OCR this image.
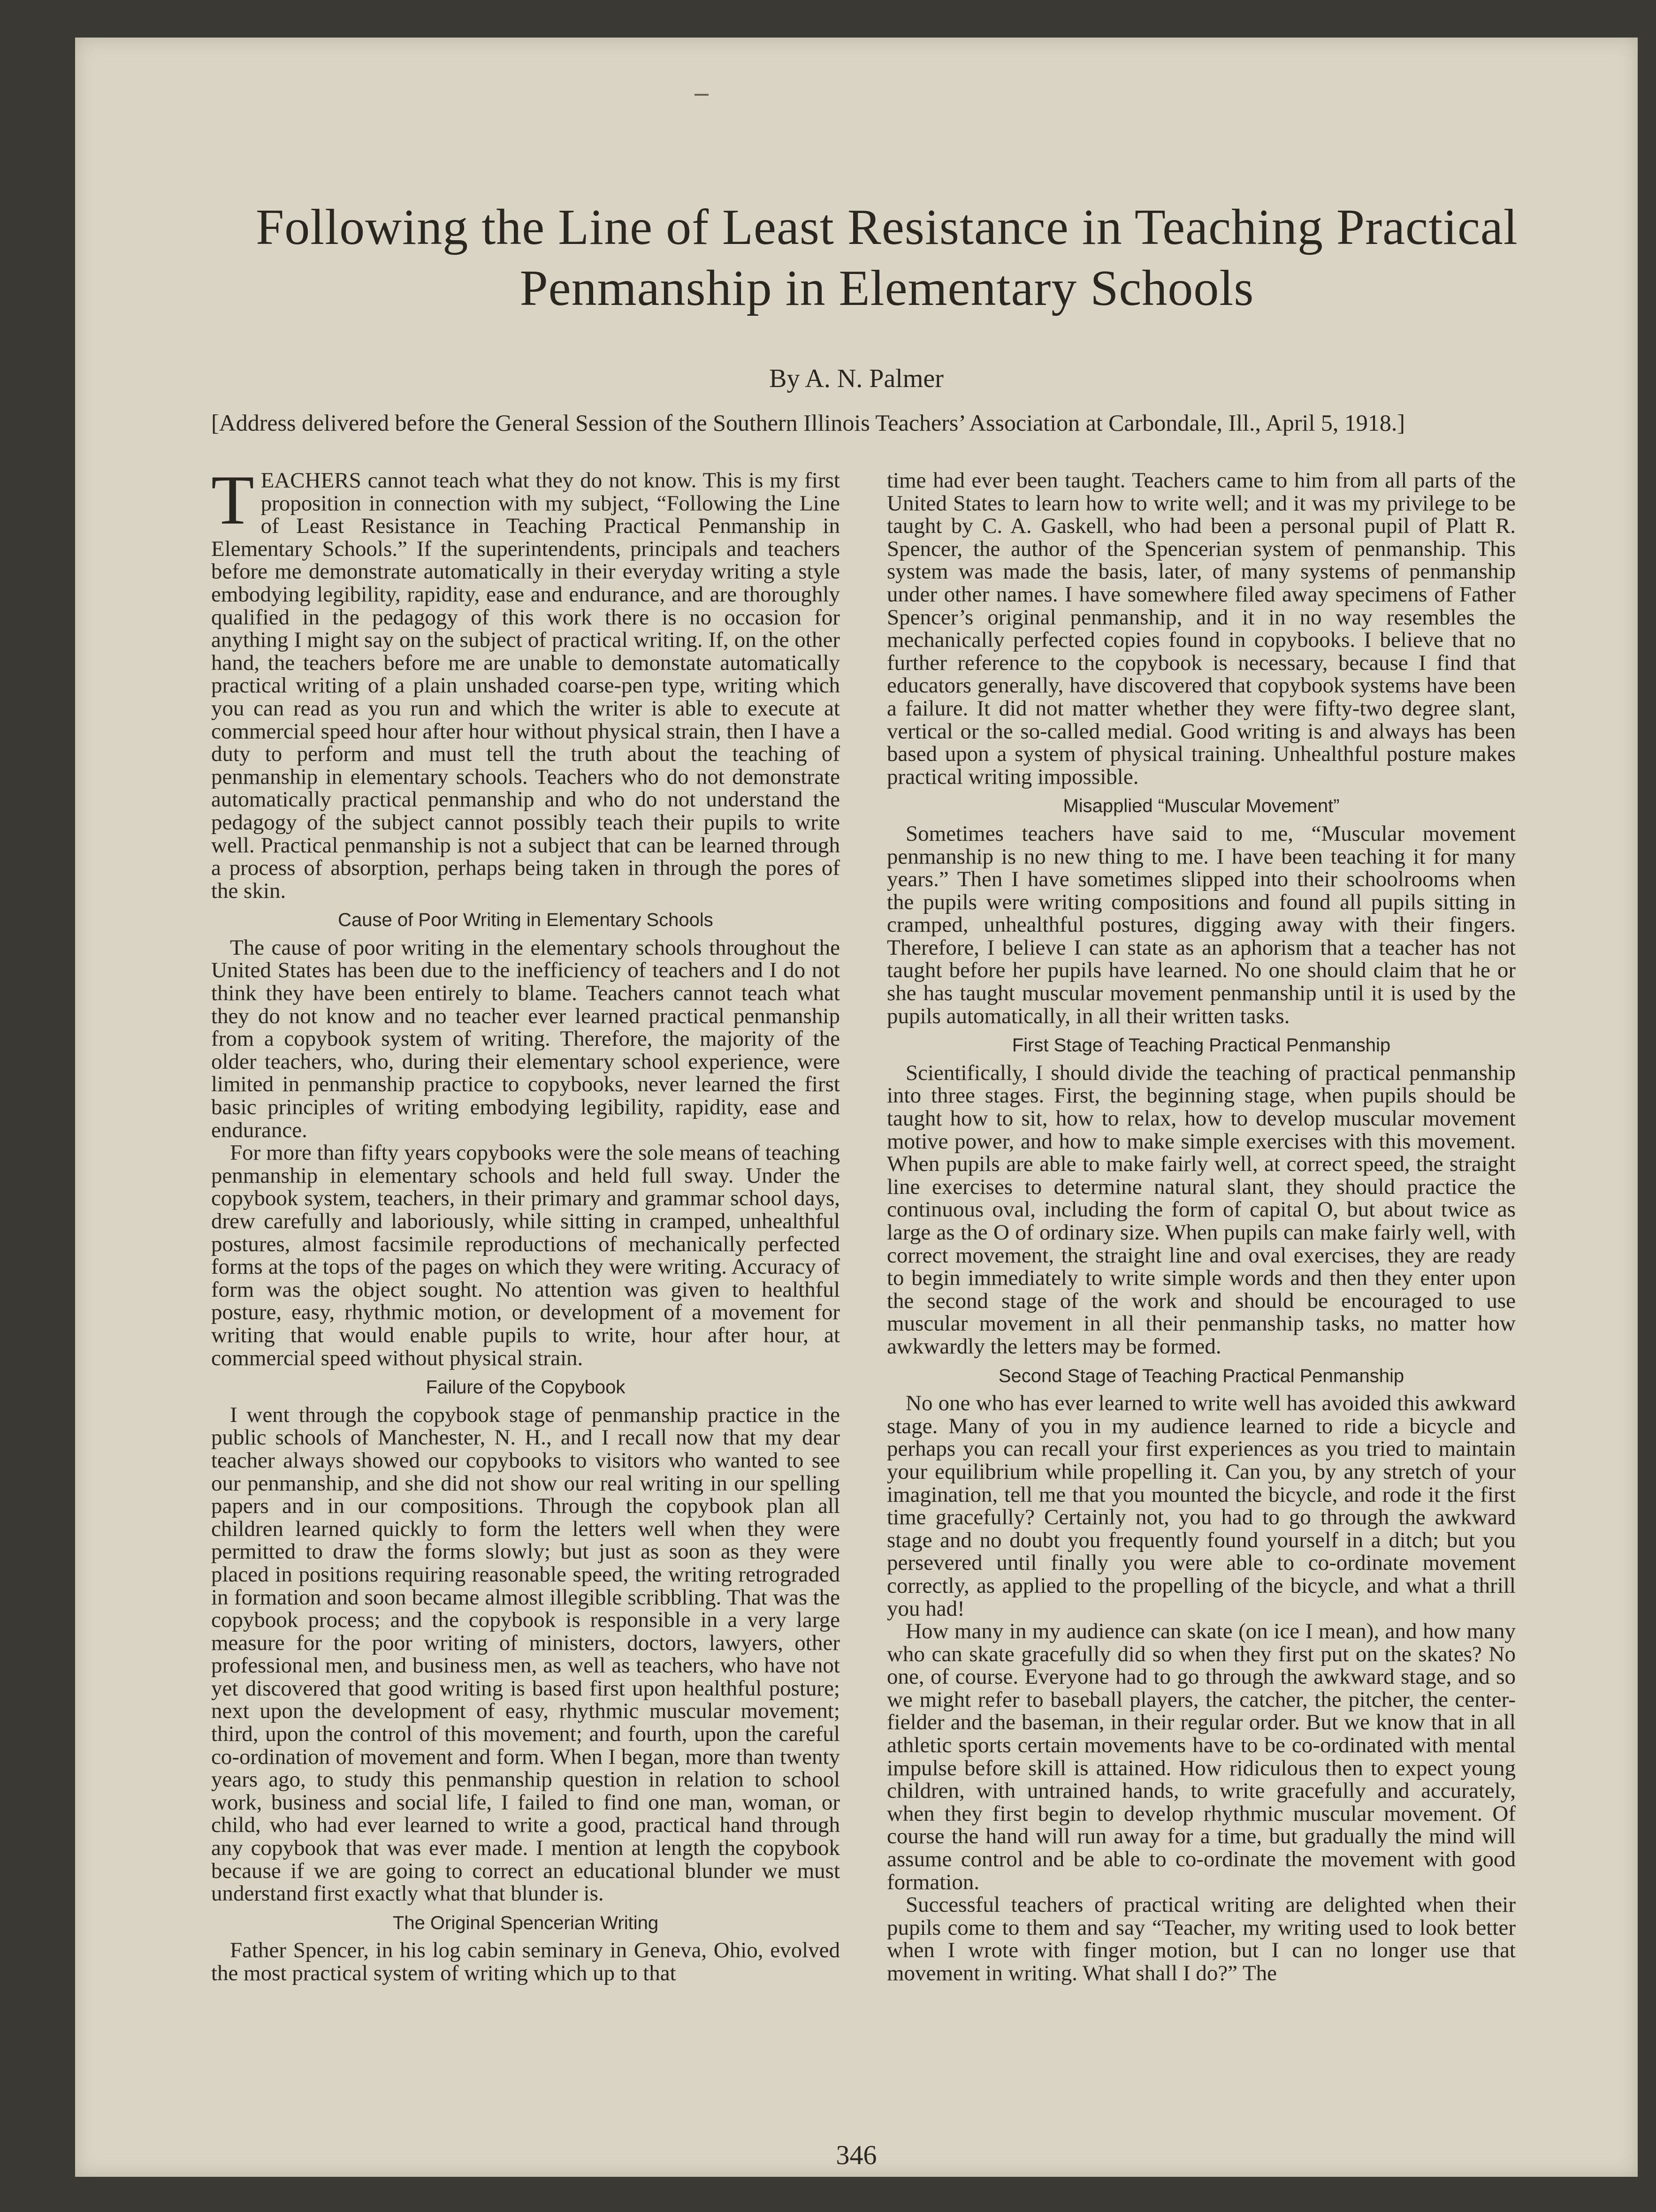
Following the Line of Least Resistance in Teaching Practical Penmanship in Elementary Schools
By A. N. Palmer

[Address delivered before the General Session of the Southern Illinois Teachers’ Association at Carbondale, Ill., April 5, 1918.]

TEACHERS cannot teach what they do not know. This is my first proposition in connection with my subject, “Following the Line of Least Resistance in Teaching Practical Penmanship in Elementary Schools.” If the superintendents, principals and teachers before me demonstrate automatically in their everyday writing a style embodying legibility, rapidity, ease and endurance, and are thoroughly qualified in the pedagogy of this work there is no occasion for anything I might say on the subject of practical writing. If, on the other hand, the teachers before me are unable to demonstate automatically practical writing of a plain unshaded coarse-pen type, writing which you can read as you run and which the writer is able to execute at commercial speed hour after hour without physical strain, then I have a duty to perform and must tell the truth about the teaching of penmanship in elementary schools. Teachers who do not demonstrate automatically practical penmanship and who do not understand the pedagogy of the subject cannot possibly teach their pupils to write well. Practical penmanship is not a subject that can be learned through a process of absorption, perhaps being taken in through the pores of the skin.

Cause of Poor Writing in Elementary Schools

The cause of poor writing in the elementary schools throughout the United States has been due to the inefficiency of teachers and I do not think they have been entirely to blame. Teachers cannot teach what they do not know and no teacher ever learned practical penmanship from a copybook system of writing. Therefore, the majority of the older teachers, who, during their elementary school experience, were limited in penmanship practice to copybooks, never learned the first basic principles of writing embodying legibility, rapidity, ease and endurance.

For more than fifty years copybooks were the sole means of teaching penmanship in elementary schools and held full sway. Under the copybook system, teachers, in their primary and grammar school days, drew carefully and laboriously, while sitting in cramped, unhealthful postures, almost facsimile reproductions of mechanically perfected forms at the tops of the pages on which they were writing. Accuracy of form was the object sought. No attention was given to healthful posture, easy, rhythmic motion, or development of a movement for writing that would enable pupils to write, hour after hour, at commercial speed without physical strain.

Failure of the Copybook

I went through the copybook stage of penmanship practice in the public schools of Manchester, N. H., and I recall now that my dear teacher always showed our copybooks to visitors who wanted to see our penmanship, and she did not show our real writing in our spelling papers and in our compositions. Through the copybook plan all children learned quickly to form the letters well when they were permitted to draw the forms slowly; but just as soon as they were placed in positions requiring reasonable speed, the writing retrograded in formation and soon became almost illegible scribbling. That was the copybook process; and the copybook is responsible in a very large measure for the poor writing of ministers, doctors, lawyers, other professional men, and business men, as well as teachers, who have not yet discovered that good writing is based first upon healthful posture; next upon the development of easy, rhythmic muscular movement; third, upon the control of this movement; and fourth, upon the careful co-ordination of movement and form. When I began, more than twenty years ago, to study this penmanship question in relation to school work, business and social life, I failed to find one man, woman, or child, who had ever learned to write a good, practical hand through any copybook that was ever made. I mention at length the copybook because if we are going to correct an educational blunder we must understand first exactly what that blunder is.

The Original Spencerian Writing

Father Spencer, in his log cabin seminary in Geneva, Ohio, evolved the most practical system of writing which up to that

time had ever been taught. Teachers came to him from all parts of the United States to learn how to write well; and it was my privilege to be taught by C. A. Gaskell, who had been a personal pupil of Platt R. Spencer, the author of the Spencerian system of penmanship. This system was made the basis, later, of many systems of penmanship under other names. I have somewhere filed away specimens of Father Spencer’s original penmanship, and it in no way resembles the mechanically perfected copies found in copybooks. I believe that no further reference to the copybook is necessary, because I find that educators generally, have discovered that copybook systems have been a failure. It did not matter whether they were fifty-two degree slant, vertical or the so-called medial. Good writing is and always has been based upon a system of physical training. Unhealthful posture makes practical writing impossible.

Misapplied “Muscular Movement”

Sometimes teachers have said to me, “Muscular movement penmanship is no new thing to me. I have been teaching it for many years.” Then I have sometimes slipped into their schoolrooms when the pupils were writing compositions and found all pupils sitting in cramped, unhealthful postures, digging away with their fingers. Therefore, I believe I can state as an aphorism that a teacher has not taught before her pupils have learned. No one should claim that he or she has taught muscular movement penmanship until it is used by the pupils automatically, in all their written tasks.

First Stage of Teaching Practical Penmanship

Scientifically, I should divide the teaching of practical penmanship into three stages. First, the beginning stage, when pupils should be taught how to sit, how to relax, how to develop muscular movement motive power, and how to make simple exercises with this movement. When pupils are able to make fairly well, at correct speed, the straight line exercises to determine natural slant, they should practice the continuous oval, including the form of capital O, but about twice as large as the O of ordinary size. When pupils can make fairly well, with correct movement, the straight line and oval exercises, they are ready to begin immediately to write simple words and then they enter upon the second stage of the work and should be encouraged to use muscular movement in all their penmanship tasks, no matter how awkwardly the letters may be formed.

Second Stage of Teaching Practical Penmanship

No one who has ever learned to write well has avoided this awkward stage. Many of you in my audience learned to ride a bicycle and perhaps you can recall your first experiences as you tried to maintain your equilibrium while propelling it. Can you, by any stretch of your imagination, tell me that you mounted the bicycle, and rode it the first time gracefully? Certainly not, you had to go through the awkward stage and no doubt you frequently found yourself in a ditch; but you persevered until finally you were able to co-ordinate movement correctly, as applied to the propelling of the bicycle, and what a thrill you had!

How many in my audience can skate (on ice I mean), and how many who can skate gracefully did so when they first put on the skates? No one, of course. Everyone had to go through the awkward stage, and so we might refer to baseball players, the catcher, the pitcher, the center-fielder and the baseman, in their regular order. But we know that in all athletic sports certain movements have to be co-ordinated with mental impulse before skill is attained. How ridiculous then to expect young children, with untrained hands, to write gracefully and accurately, when they first begin to develop rhythmic muscular movement. Of course the hand will run away for a time, but gradually the mind will assume control and be able to co-ordinate the movement with good formation.

Successful teachers of practical writing are delighted when their pupils come to them and say “Teacher, my writing used to look better when I wrote with finger motion, but I can no longer use that movement in writing. What shall I do?” The

346
